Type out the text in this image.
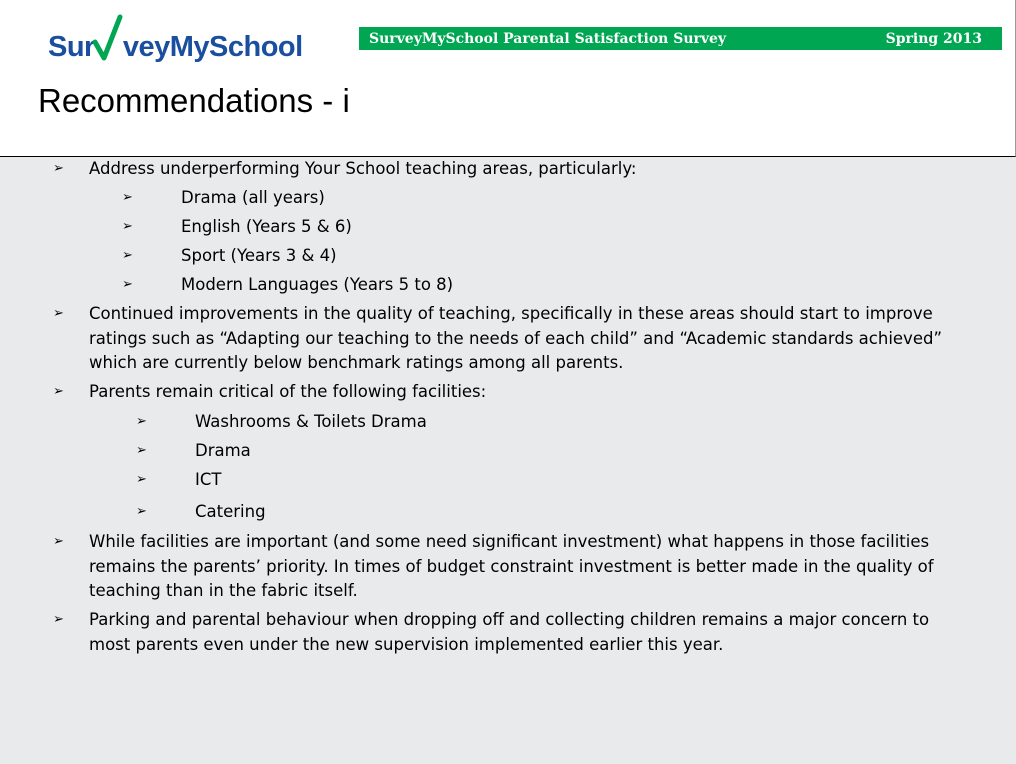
Sur veyMySchool	SurveyMySchool Parental Satisfaction Survey	Spring 2013
Recommendations - i
➢ Address underperforming Your School teaching areas, particularly:
➢	Drama (all years)
➢	English (Years 5 & 6)
➢	Sport (Years 3 & 4)
➢	Modern Languages (Years 5 to 8)
➢ Continued improvements in the quality of teaching, specifically in these areas should start to improve ratings such as “Adapting our teaching to the needs of each child” and “Academic standards achieved” which are currently below benchmark ratings among all parents.
➢ Parents remain critical of the following facilities:
➢	Washrooms & Toilets Drama
➢	Drama
➢	ICT
➢	Catering
➢ While facilities are important (and some need significant investment) what happens in those facilities remains the parents’ priority. In times of budget constraint investment is better made in the quality of teaching than in the fabric itself.
➢ Parking and parental behaviour when dropping off and collecting children remains a major concern to most parents even under the new supervision implemented earlier this year.
